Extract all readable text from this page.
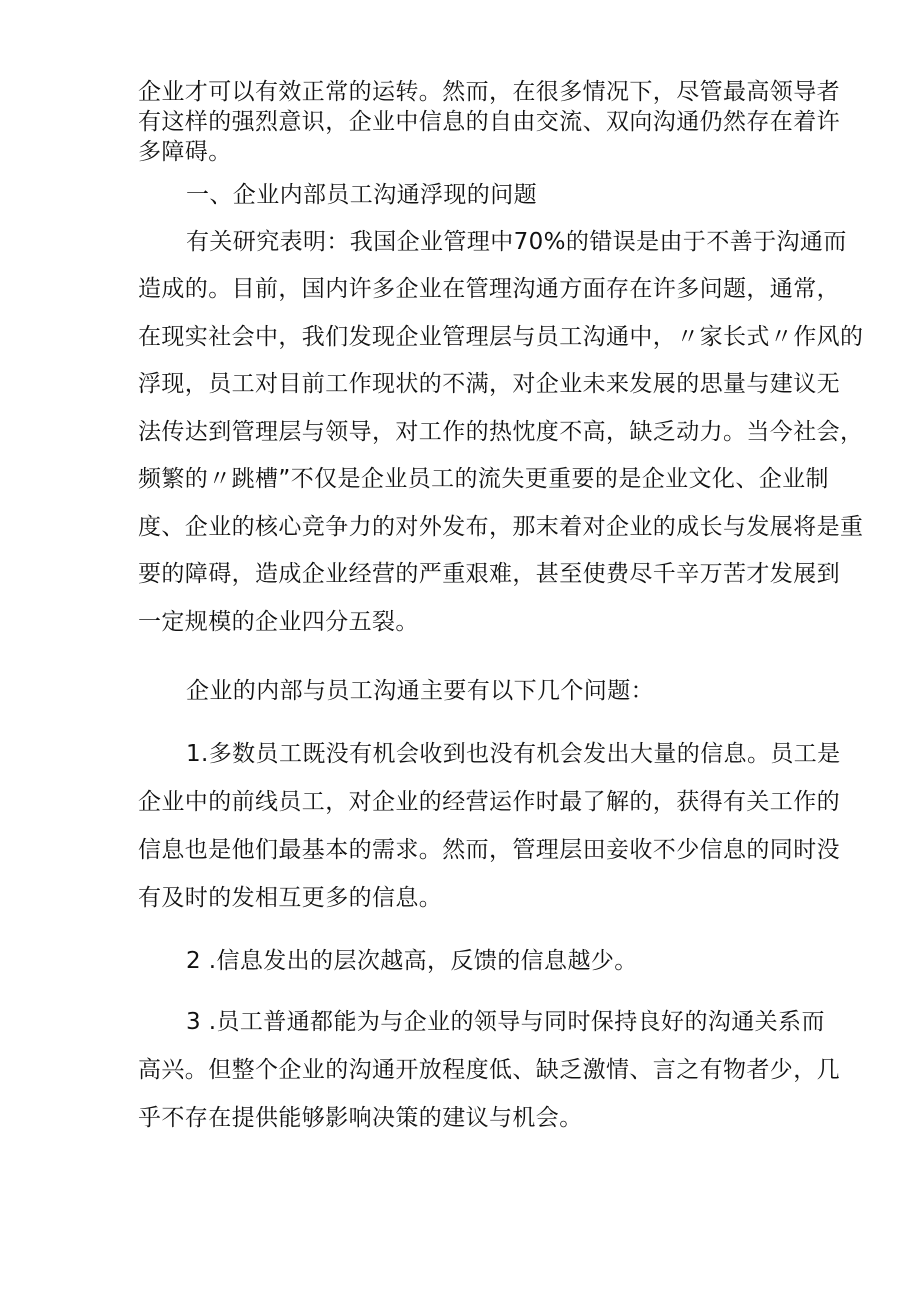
企业才可以有效正常的运转。然而，在很多情况下，尽管最高领导者
有这样的强烈意识，企业中信息的自由交流、双向沟通仍然存在着许
多障碍。
一、企业内部员工沟通浮现的问题
有关研究表明：我国企业管理中70%的错误是由于不善于沟通而
造成的。目前，国内许多企业在管理沟通方面存在许多问题，通常，
在现实社会中，我们发现企业管理层与员工沟通中，〃家长式〃作风的
浮现，员工对目前工作现状的不满，对企业未来发展的思量与建议无
法传达到管理层与领导，对工作的热忱度不高，缺乏动力。当今社会，
频繁的〃跳槽”不仅是企业员工的流失更重要的是企业文化、企业制
度、企业的核心竞争力的对外发布，那末着对企业的成长与发展将是重
要的障碍，造成企业经营的严重艰难，甚至使费尽千辛万苦才发展到
一定规模的企业四分五裂。
企业的内部与员工沟通主要有以下几个问题：
1.多数员工既没有机会收到也没有机会发出大量的信息。员工是
企业中的前线员工，对企业的经营运作时最了解的，获得有关工作的
信息也是他们最基本的需求。然而，管理层田妾收不少信息的同时没
有及时的发相互更多的信息。
2 .信息发出的层次越高，反馈的信息越少。
3 .员工普通都能为与企业的领导与同时保持良好的沟通关系而
高兴。但整个企业的沟通开放程度低、缺乏激情、言之有物者少，几
乎不存在提供能够影响决策的建议与机会。
